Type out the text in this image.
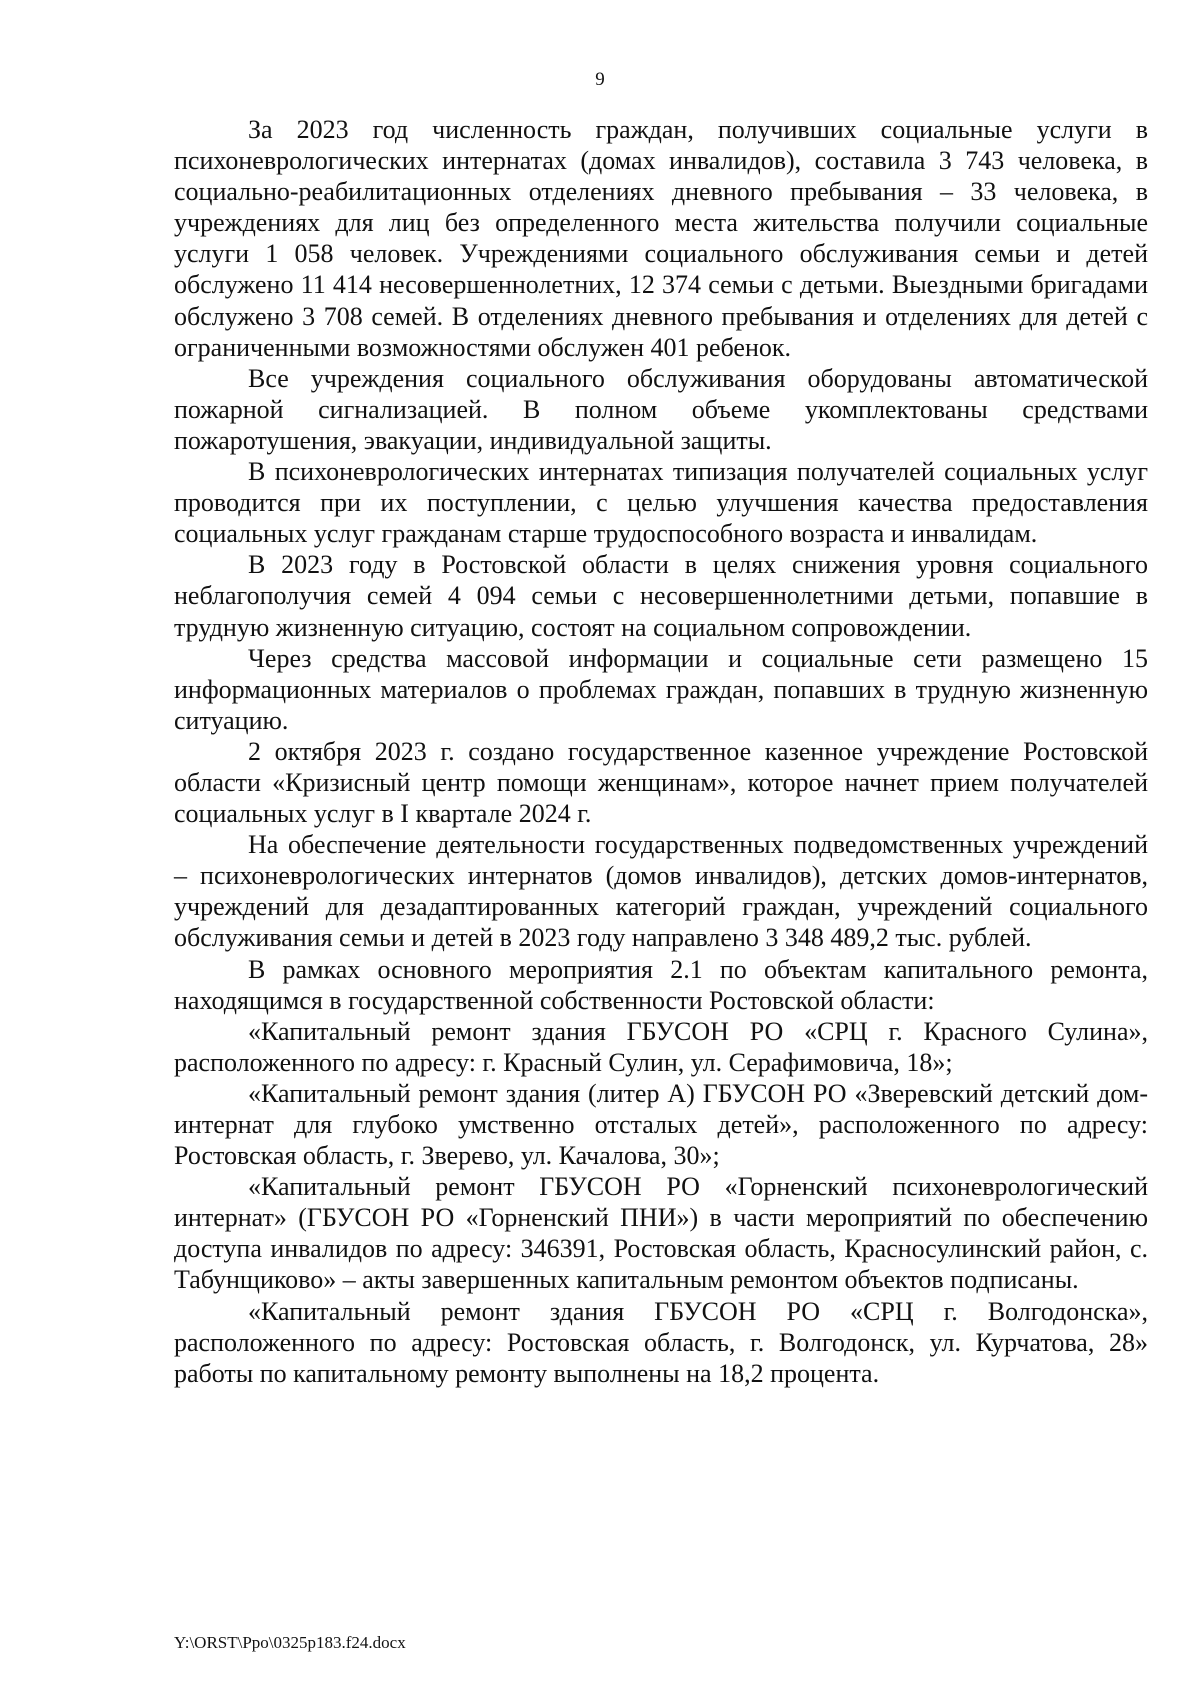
9

За 2023 год численность граждан, получивших социальные услуги в психоневрологических интернатах (домах инвалидов), составила 3 743 человека, в социально-реабилитационных отделениях дневного пребывания – 33 человека, в учреждениях для лиц без определенного места жительства получили социальные услуги 1 058 человек. Учреждениями социального обслуживания семьи и детей обслужено 11 414 несовершеннолетних, 12 374 семьи с детьми. Выездными бригадами обслужено 3 708 семей. В отделениях дневного пребывания и отделениях для детей с ограниченными возможностями обслужен 401 ребенок.

Все учреждения социального обслуживания оборудованы автоматической пожарной сигнализацией. В полном объеме укомплектованы средствами пожаротушения, эвакуации, индивидуальной защиты.

В психоневрологических интернатах типизация получателей социальных услуг проводится при их поступлении, с целью улучшения качества предоставления социальных услуг гражданам старше трудоспособного возраста и инвалидам.

В 2023 году в Ростовской области в целях снижения уровня социального неблагополучия семей 4 094 семьи с несовершеннолетними детьми, попавшие в трудную жизненную ситуацию, состоят на социальном сопровождении.

Через средства массовой информации и социальные сети размещено 15 информационных материалов о проблемах граждан, попавших в трудную жизненную ситуацию.

2 октября 2023 г. создано государственное казенное учреждение Ростовской области «Кризисный центр помощи женщинам», которое начнет прием получателей социальных услуг в I квартале 2024 г.

На обеспечение деятельности государственных подведомственных учреждений – психоневрологических интернатов (домов инвалидов), детских домов-интернатов, учреждений для дезадаптированных категорий граждан, учреждений социального обслуживания семьи и детей в 2023 году направлено 3 348 489,2 тыс. рублей.

В рамках основного мероприятия 2.1 по объектам капитального ремонта, находящимся в государственной собственности Ростовской области:

«Капитальный ремонт здания ГБУСОН РО «СРЦ г. Красного Сулина», расположенного по адресу: г. Красный Сулин, ул. Серафимовича, 18»;

«Капитальный ремонт здания (литер А) ГБУСОН РО «Зверевский детский дом-интернат для глубоко умственно отсталых детей», расположенного по адресу: Ростовская область, г. Зверево, ул. Качалова, 30»;

«Капитальный ремонт ГБУСОН РО «Горненский психоневрологический интернат» (ГБУСОН РО «Горненский ПНИ») в части мероприятий по обеспечению доступа инвалидов по адресу: 346391, Ростовская область, Красносулинский район, с. Табунщиково» – акты завершенных капитальным ремонтом объектов подписаны.

«Капитальный ремонт здания ГБУСОН РО «СРЦ г. Волгодонска», расположенного по адресу: Ростовская область, г. Волгодонск, ул. Курчатова, 28» работы по капитальному ремонту выполнены на 18,2 процента.

Y:\ORST\Ppo\0325p183.f24.docx
